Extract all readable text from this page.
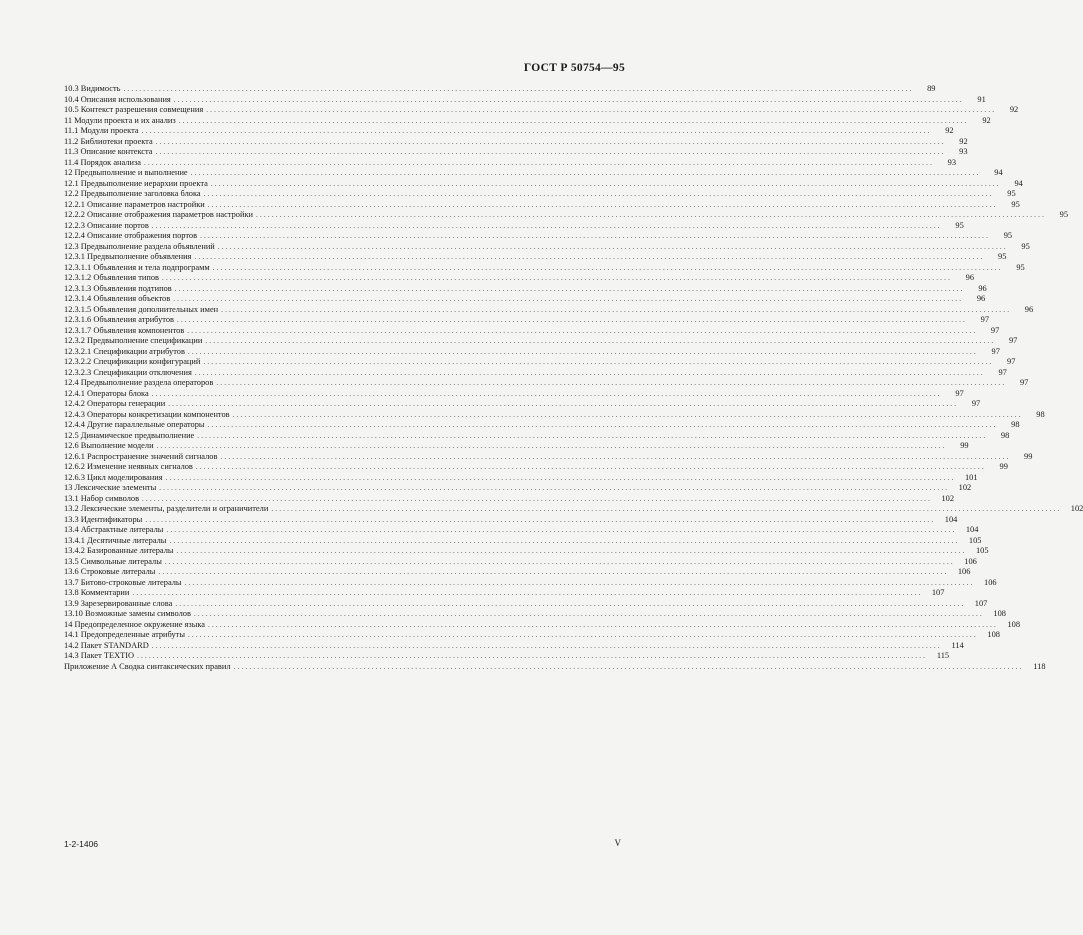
ГОСТ Р 50754—95
10.3 Видимость ........................................................................................................................................................................................................	89
10.4 Описания использования ........................................................................................................................................................................................................	91
10.5 Контекст разрешения совмещения ........................................................................................................................................................................................................	92
11 Модули проекта и их анализ ........................................................................................................................................................................................................	92
11.1 Модули проекта ........................................................................................................................................................................................................	92
11.2 Библиотеки проекта ........................................................................................................................................................................................................	92
11.3 Описание контекста ........................................................................................................................................................................................................	93
11.4 Порядок анализа ........................................................................................................................................................................................................	93
12 Предвыполнение и выполнение ........................................................................................................................................................................................................	94
12.1 Предвыполнение иерархии проекта ........................................................................................................................................................................................................	94
12.2 Предвыполнение заголовка блока ........................................................................................................................................................................................................	95
12.2.1 Описание параметров настройки ........................................................................................................................................................................................................	95
12.2.2 Описание отображения параметров настройки ........................................................................................................................................................................................................	95
12.2.3 Описание портов ........................................................................................................................................................................................................	95
12.2.4 Описание отображения портов ........................................................................................................................................................................................................	95
12.3 Предвыполнение раздела объявлений ........................................................................................................................................................................................................	95
12.3.1 Предвыполнение объявления ........................................................................................................................................................................................................	95
12.3.1.1 Объявления и тела подпрограмм ........................................................................................................................................................................................................	95
12.3.1.2 Объявления типов ........................................................................................................................................................................................................	96
12.3.1.3 Объявления подтипов ........................................................................................................................................................................................................	96
12.3.1.4 Объявления объектов ........................................................................................................................................................................................................	96
12.3.1.5 Объявления дополнительных имен ........................................................................................................................................................................................................	96
12.3.1.6 Объявления атрибутов ........................................................................................................................................................................................................	97
12.3.1.7 Объявления компонентов ........................................................................................................................................................................................................	97
12.3.2 Предвыполнение спецификации ........................................................................................................................................................................................................	97
12.3.2.1 Спецификации атрибутов ........................................................................................................................................................................................................	97
12.3.2.2 Спецификации конфигураций ........................................................................................................................................................................................................	97
12.3.2.3 Спецификации отключения ........................................................................................................................................................................................................	97
12.4 Предвыполнение раздела операторов ........................................................................................................................................................................................................	97
12.4.1 Операторы блока ........................................................................................................................................................................................................	97
12.4.2 Операторы генерации ........................................................................................................................................................................................................	97
12.4.3 Операторы конкретизации компонентов ........................................................................................................................................................................................................	98
12.4.4 Другие параллельные операторы ........................................................................................................................................................................................................	98
12.5 Динамическое предвыполнение ........................................................................................................................................................................................................	98
12.6 Выполнение модели ........................................................................................................................................................................................................	99
12.6.1 Распространение значений сигналов ........................................................................................................................................................................................................	99
12.6.2 Изменение неявных сигналов ........................................................................................................................................................................................................	99
12.6.3 Цикл моделирования ........................................................................................................................................................................................................	101
13 Лексические элементы ........................................................................................................................................................................................................	102
13.1 Набор символов ........................................................................................................................................................................................................	102
13.2 Лексические элементы, разделители и ограничители ........................................................................................................................................................................................................	102
13.3 Идентификаторы ........................................................................................................................................................................................................	104
13.4 Абстрактные литералы ........................................................................................................................................................................................................	104
13.4.1 Десятичные литералы ........................................................................................................................................................................................................	105
13.4.2 Базированные литералы ........................................................................................................................................................................................................	105
13.5 Символьные литералы ........................................................................................................................................................................................................	106
13.6 Строковые литералы ........................................................................................................................................................................................................	106
13.7 Битово-строковые литералы ........................................................................................................................................................................................................	106
13.8 Комментарии ........................................................................................................................................................................................................	107
13.9 Зарезервированные слова ........................................................................................................................................................................................................	107
13.10 Возможные замены символов ........................................................................................................................................................................................................	108
14 Предопределенное окружение языка ........................................................................................................................................................................................................	108
14.1 Предопределенные атрибуты ........................................................................................................................................................................................................	108
14.2 Пакет STANDARD ........................................................................................................................................................................................................	114
14.3 Пакет TEXTIO ........................................................................................................................................................................................................	115
Приложение А Сводка синтаксических правил ........................................................................................................................................................................................................	118
1-2-1406	V
